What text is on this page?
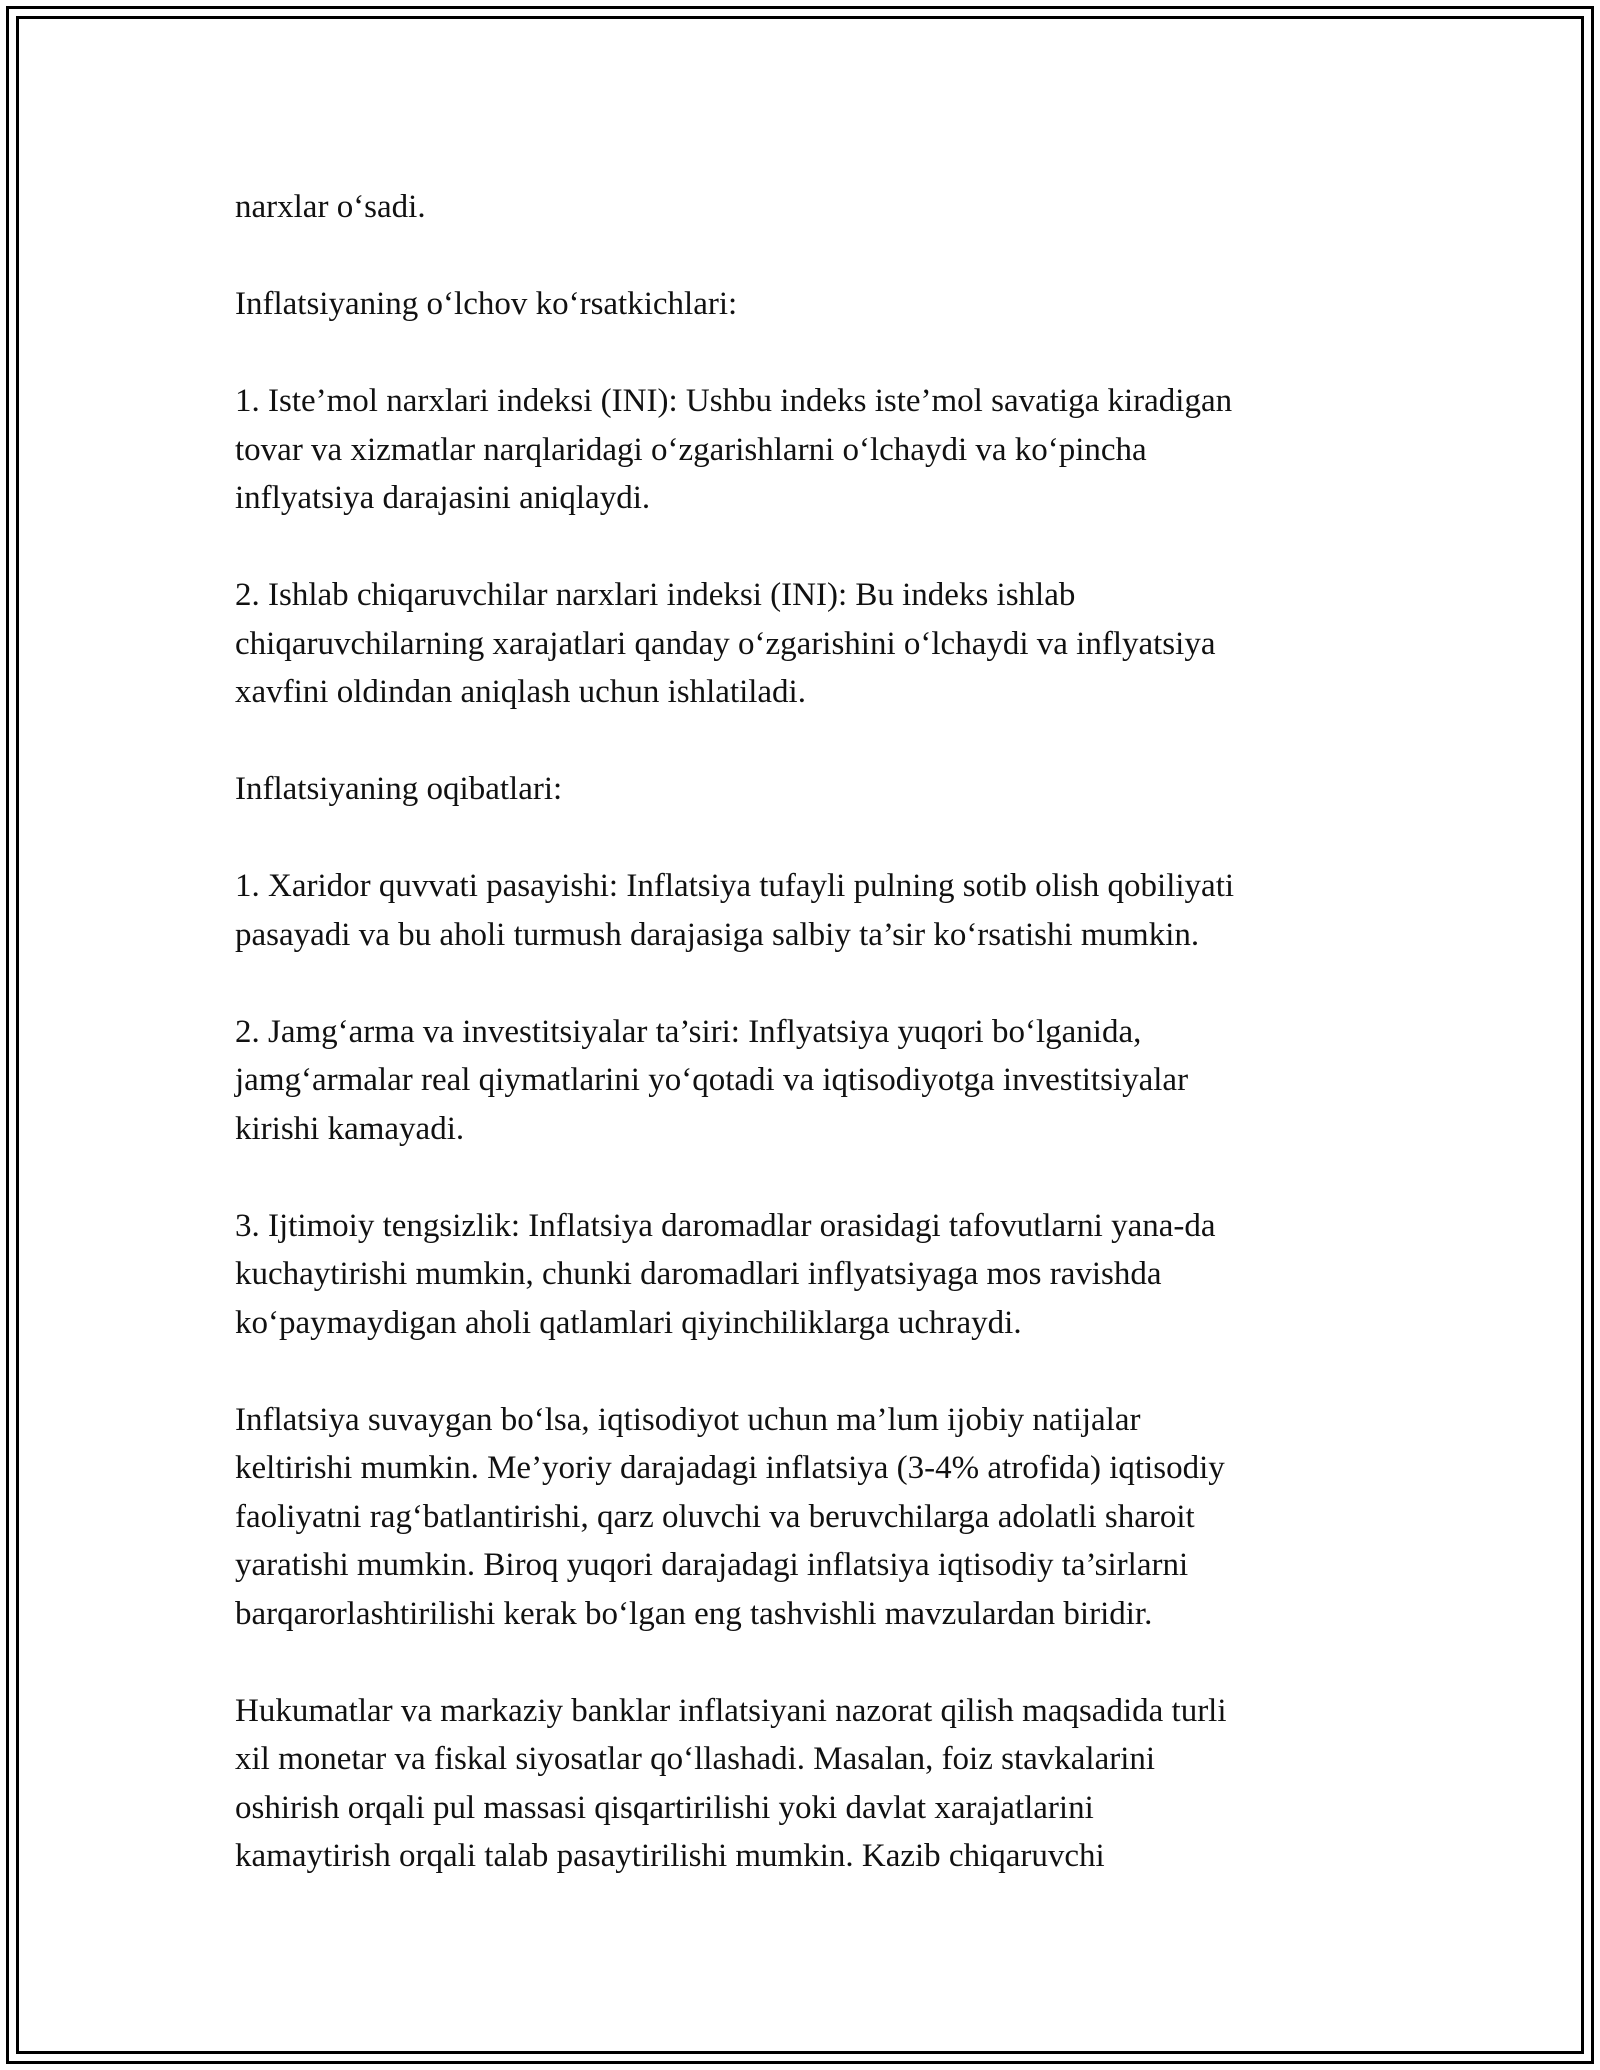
narxlar o‘sadi.

Inflatsiyaning o‘lchov ko‘rsatkichlari:

1. Iste’mol narxlari indeksi (INI): Ushbu indeks iste’mol savatiga kiradigan
tovar va xizmatlar narqlaridagi o‘zgarishlarni o‘lchaydi va ko‘pincha
inflyatsiya darajasini aniqlaydi.

2. Ishlab chiqaruvchilar narxlari indeksi (INI): Bu indeks ishlab
chiqaruvchilarning xarajatlari qanday o‘zgarishini o‘lchaydi va inflyatsiya
xavfini oldindan aniqlash uchun ishlatiladi.

Inflatsiyaning oqibatlari:

1. Xaridor quvvati pasayishi: Inflatsiya tufayli pulning sotib olish qobiliyati
pasayadi va bu aholi turmush darajasiga salbiy ta’sir ko‘rsatishi mumkin.

2. Jamg‘arma va investitsiyalar ta’siri: Inflyatsiya yuqori bo‘lganida,
jamg‘armalar real qiymatlarini yo‘qotadi va iqtisodiyotga investitsiyalar
kirishi kamayadi.

3. Ijtimoiy tengsizlik: Inflatsiya daromadlar orasidagi tafovutlarni yana-da
kuchaytirishi mumkin, chunki daromadlari inflyatsiyaga mos ravishda
ko‘paymaydigan aholi qatlamlari qiyinchiliklarga uchraydi.

Inflatsiya suvaygan bo‘lsa, iqtisodiyot uchun ma’lum ijobiy natijalar
keltirishi mumkin. Me’yoriy darajadagi inflatsiya (3-4% atrofida) iqtisodiy
faoliyatni rag‘batlantirishi, qarz oluvchi va beruvchilarga adolatli sharoit
yaratishi mumkin. Biroq yuqori darajadagi inflatsiya iqtisodiy ta’sirlarni
barqarorlashtirilishi kerak bo‘lgan eng tashvishli mavzulardan biridir.

Hukumatlar va markaziy banklar inflatsiyani nazorat qilish maqsadida turli
xil monetar va fiskal siyosatlar qo‘llashadi. Masalan, foiz stavkalarini
oshirish orqali pul massasi qisqartirilishi yoki davlat xarajatlarini
kamaytirish orqali talab pasaytirilishi mumkin. Kazib chiqaruvchi
